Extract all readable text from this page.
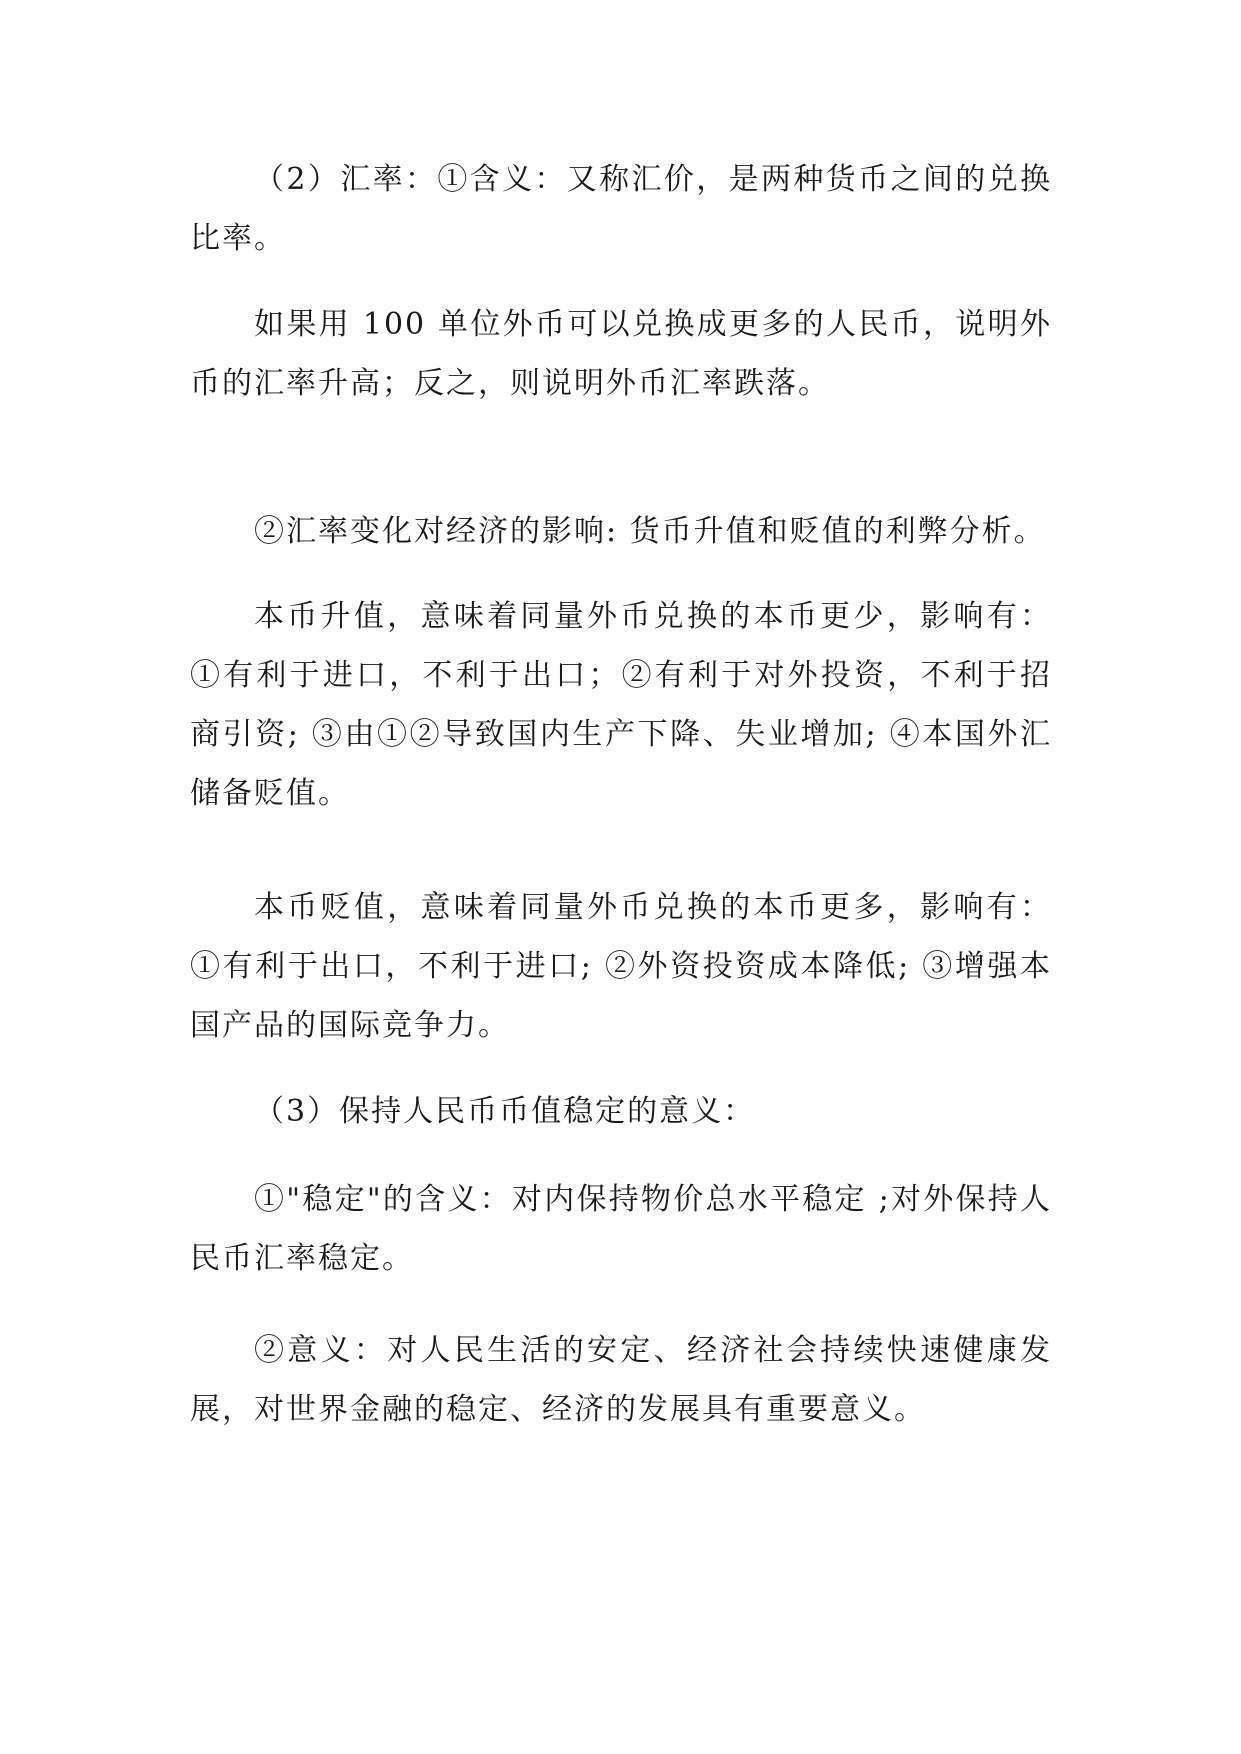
（2）汇率：①含义：又称汇价，是两种货币之间的兑换比率。

如果用 100 单位外币可以兑换成更多的人民币，说明外币的汇率升高；反之，则说明外币汇率跌落。

②汇率变化对经济的影响: 货币升值和贬值的利弊分析。

本币升值，意味着同量外币兑换的本币更少，影响有：①有利于进口，不利于出口；②有利于对外投资，不利于招商引资; ③由①②导致国内生产下降、失业增加; ④本国外汇储备贬值。

本币贬值，意味着同量外币兑换的本币更多，影响有：①有利于出口，不利于进口; ②外资投资成本降低; ③增强本国产品的国际竞争力。

（3）保持人民币币值稳定的意义：

①"稳定"的含义：对内保持物价总水平稳定 ;对外保持人民币汇率稳定。

②意义：对人民生活的安定、经济社会持续快速健康发展，对世界金融的稳定、经济的发展具有重要意义。
